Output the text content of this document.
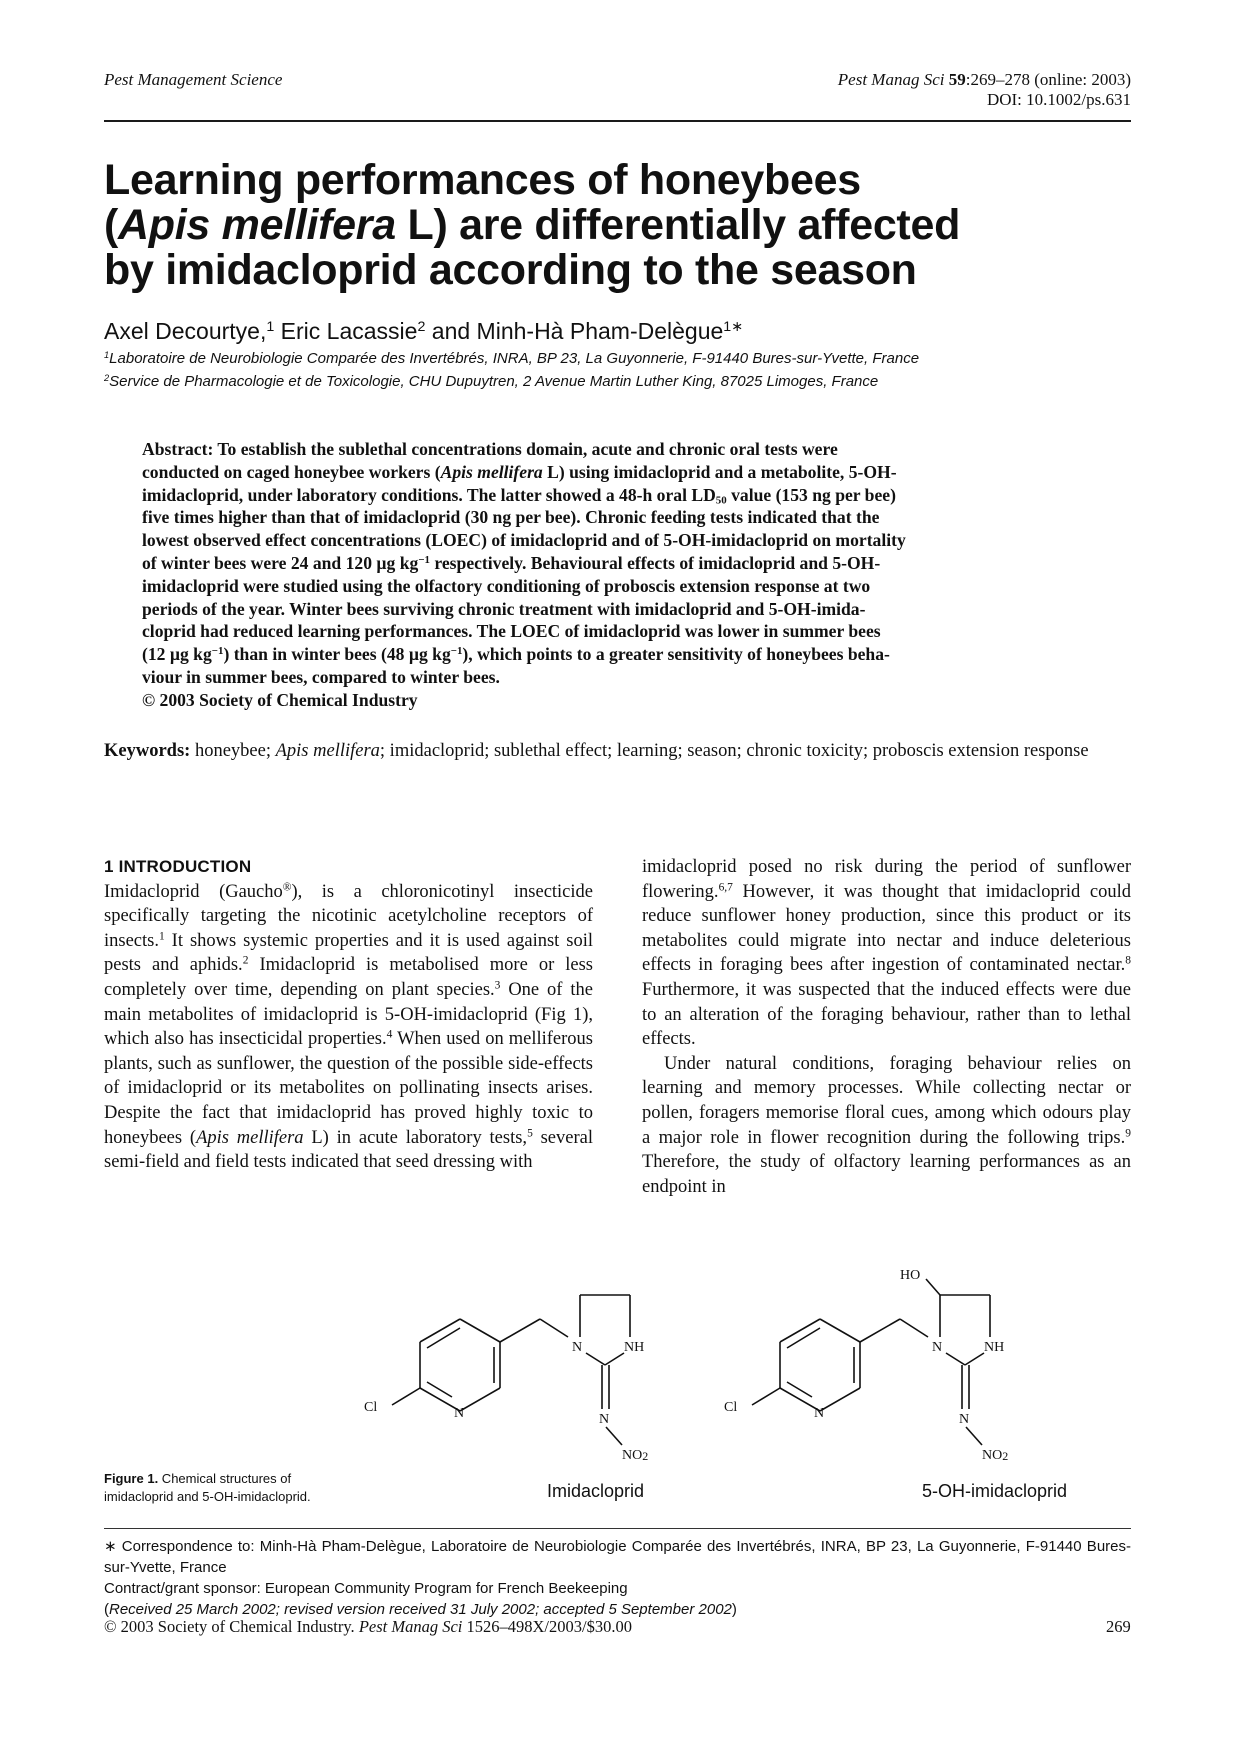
Pest Management Science	Pest Manag Sci 59:269–278 (online: 2003)
DOI: 10.1002/ps.631
Learning performances of honeybees
(Apis mellifera L) are differentially affected
by imidacloprid according to the season
Axel Decourtye,$^1$ Eric Lacassie$^2$ and Minh-Hà Pham-Delègue$^{1∗}$
$^1$Laboratoire de Neurobiologie Comparée des Invertébrés, INRA, BP 23, La Guyonnerie, F-91440 Bures-sur-Yvette, France
$^2$Service de Pharmacologie et de Toxicologie, CHU Dupuytren, 2 Avenue Martin Luther King, 87025 Limoges, France
Abstract: To establish the sublethal concentrations domain, acute and chronic oral tests were
conducted on caged honeybee workers (Apis mellifera L) using imidacloprid and a metabolite, 5-OH-
imidacloprid, under laboratory conditions. The latter showed a 48-h oral $LD_{50}$ value (153 ng per bee)
five times higher than that of imidacloprid (30 ng per bee). Chronic feeding tests indicated that the
lowest observed effect concentrations (LOEC) of imidacloprid and of 5-OH-imidacloprid on mortality
of winter bees were 24 and 120 µg $kg^{-1}$ respectively. Behavioural effects of imidacloprid and 5-OH-
imidacloprid were studied using the olfactory conditioning of proboscis extension response at two
periods of the year. Winter bees surviving chronic treatment with imidacloprid and 5-OH-imida-
cloprid had reduced learning performances. The LOEC of imidacloprid was lower in summer bees
(12 µg $kg^{-1}$) than in winter bees (48 µg $kg^{-1}$), which points to a greater sensitivity of honeybees beha-
viour in summer bees, compared to winter bees.
© 2003 Society of Chemical Industry
Keywords: honeybee; Apis mellifera; imidacloprid; sublethal effect; learning; season; chronic toxicity; proboscis extension response
1 INTRODUCTION

Imidacloprid (Gaucho®), is a chloronicotinyl insecticide specifically targeting the nicotinic acetylcholine receptors of insects.$^1$ It shows systemic properties and it is used against soil pests and aphids.$^2$ Imidacloprid is metabolised more or less completely over time, depending on plant species.$^3$ One of the main metabolites of imidacloprid is 5-OH-imidacloprid (Fig 1), which also has insecticidal properties.$^4$ When used on melliferous plants, such as sunflower, the question of the possible side-effects of imidacloprid or its metabolites on pollinating insects arises. Despite the fact that imidacloprid has proved highly toxic to honeybees (Apis mellifera L) in acute laboratory tests,$^5$ several semi-field and field tests indicated that seed dressing with

imidacloprid posed no risk during the period of sunflower flowering.$^{6,7}$ However, it was thought that imidacloprid could reduce sunflower honey production, since this product or its metabolites could migrate into nectar and induce deleterious effects in foraging bees after ingestion of contaminated nectar.$^8$ Furthermore, it was suspected that the induced effects were due to an alteration of the foraging behaviour, rather than to lethal effects.

Under natural conditions, foraging behaviour relies on learning and memory processes. While collecting nectar or pollen, foragers memorise floral cues, among which odours play a major role in flower recognition during the following trips.$^9$ Therefore, the study of olfactory learning performances as an endpoint in

Cl	N
N	NH
N
NO2
Cl	N
N	NH
N
HO
NO2
Figure 1. Chemical structures of imidacloprid and 5-OH-imidacloprid.	Imidacloprid	5-OH-imidacloprid
∗ Correspondence to: Minh-Hà Pham-Delègue, Laboratoire de Neurobiologie Comparée des Invertébrés, INRA, BP 23, La Guyonnerie, F-91440 Bures-sur-Yvette, France
Contract/grant sponsor: European Community Program for French Beekeeping
(Received 25 March 2002; revised version received 31 July 2002; accepted 5 September 2002)
© 2003 Society of Chemical Industry. Pest Manag Sci 1526–498X/2003/$30.00	269
